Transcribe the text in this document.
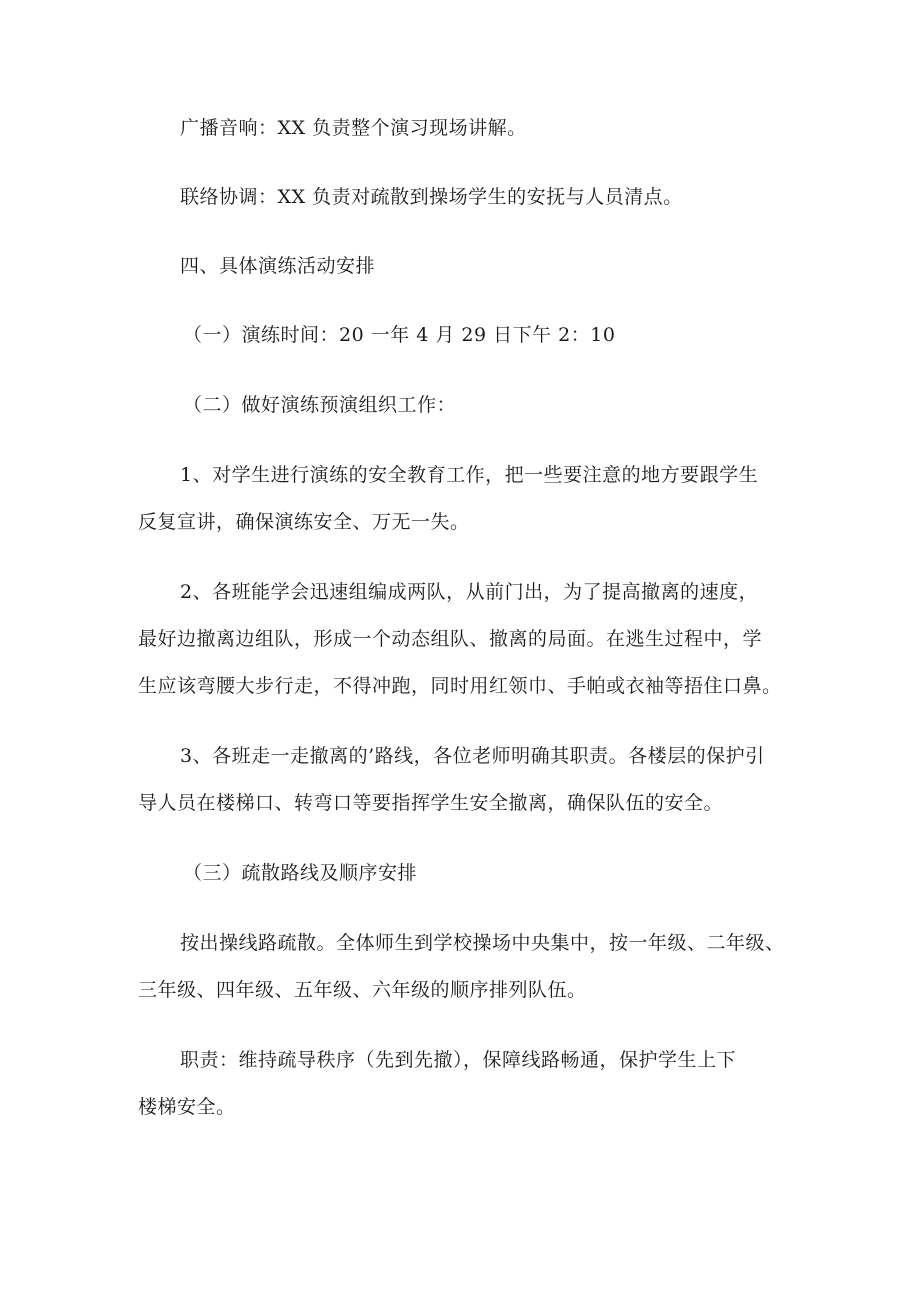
广播音响：XX 负责整个演习现场讲解。
联络协调：XX 负责对疏散到操场学生的安抚与人员清点。
四、具体演练活动安排
（一）演练时间：20 一年 4 月 29 日下午 2：10
（二）做好演练预演组织工作：
1、对学生进行演练的安全教育工作，把一些要注意的地方要跟学生
反复宣讲，确保演练安全、万无一失。
2、各班能学会迅速组编成两队，从前门出，为了提高撤离的速度，
最好边撤离边组队，形成一个动态组队、撤离的局面。在逃生过程中，学
生应该弯腰大步行走，不得冲跑，同时用红领巾、手帕或衣袖等捂住口鼻。
3、各班走一走撤离的’路线，各位老师明确其职责。各楼层的保护引
导人员在楼梯口、转弯口等要指挥学生安全撤离，确保队伍的安全。
（三）疏散路线及顺序安排
按出操线路疏散。全体师生到学校操场中央集中，按一年级、二年级、
三年级、四年级、五年级、六年级的顺序排列队伍。
职责：维持疏导秩序（先到先撤），保障线路畅通，保护学生上下
楼梯安全。
